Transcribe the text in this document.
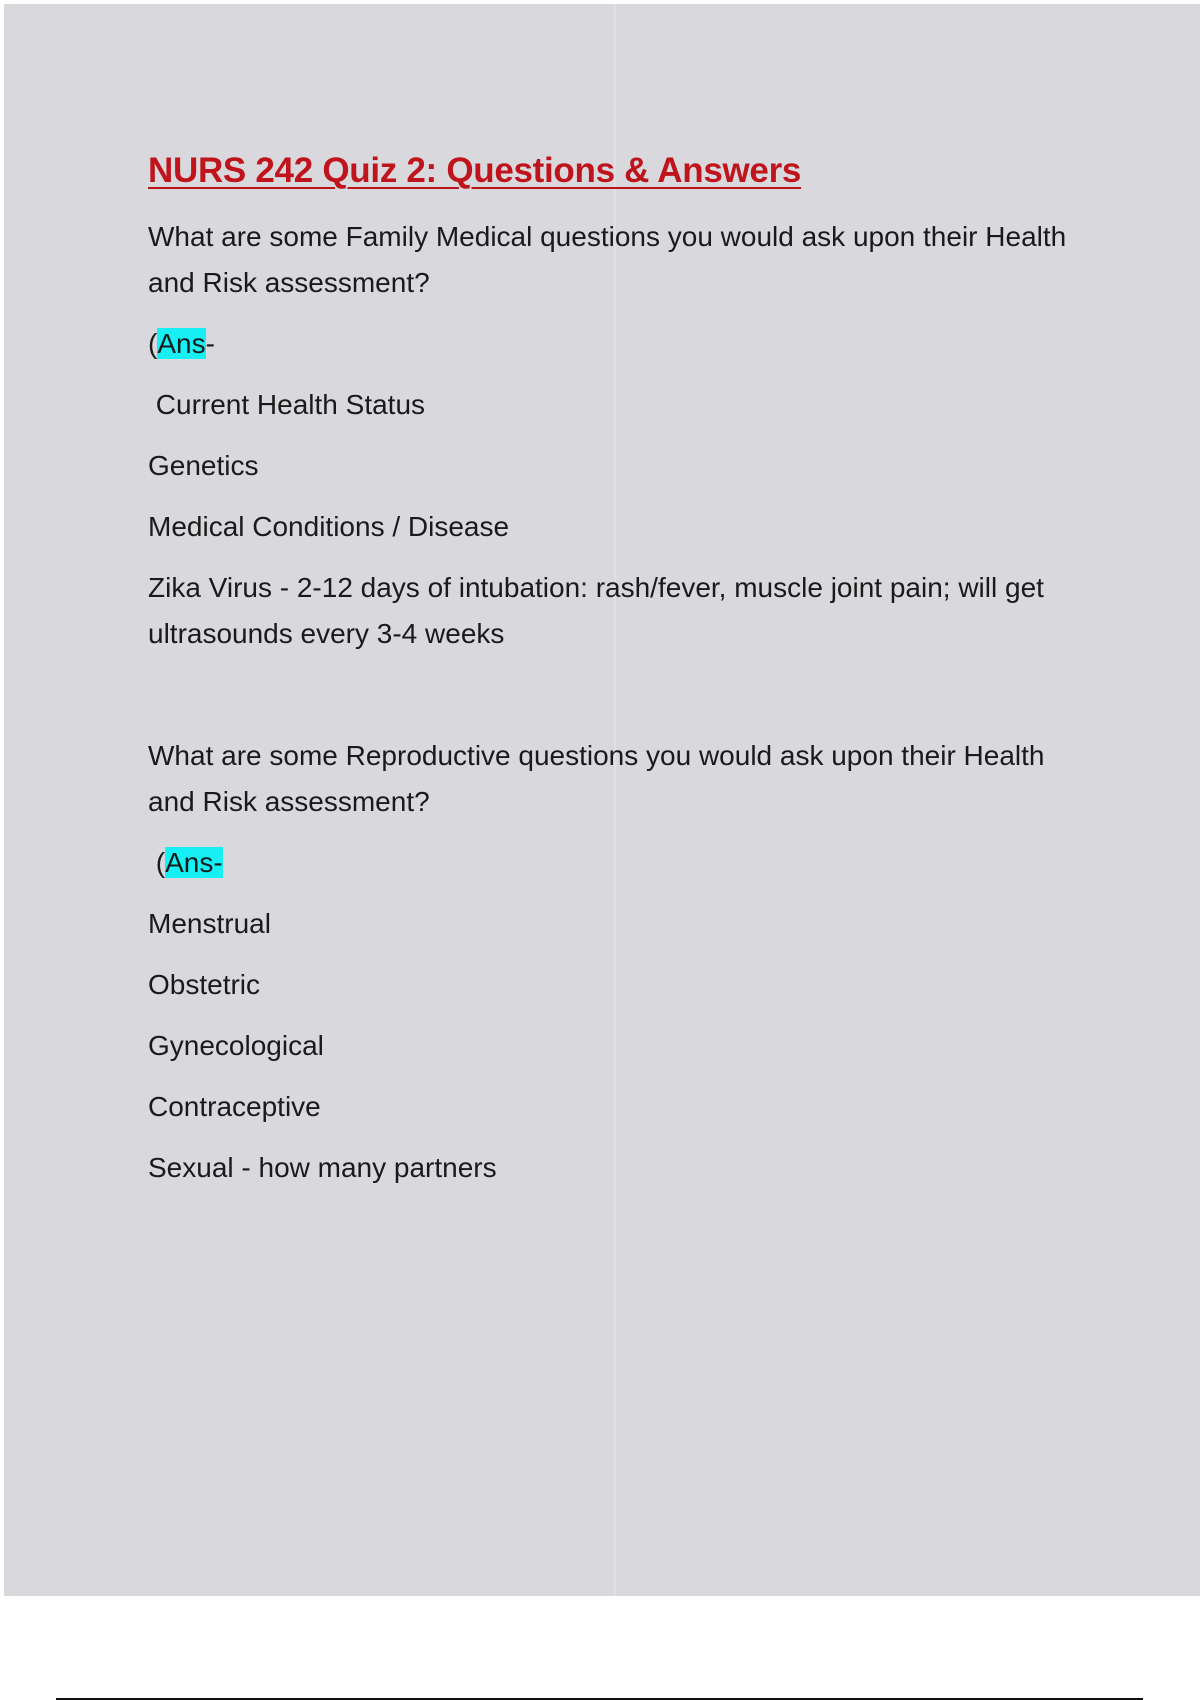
NURS 242 Quiz 2: Questions & Answers
What are some Family Medical questions you would ask upon their Health and Risk assessment?
(Ans-
Current Health Status
Genetics
Medical Conditions / Disease
Zika Virus - 2-12 days of intubation: rash/fever, muscle joint pain; will get ultrasounds every 3-4 weeks
What are some Reproductive questions you would ask upon their Health and Risk assessment?
(Ans-
Menstrual
Obstetric
Gynecological
Contraceptive
Sexual - how many partners
